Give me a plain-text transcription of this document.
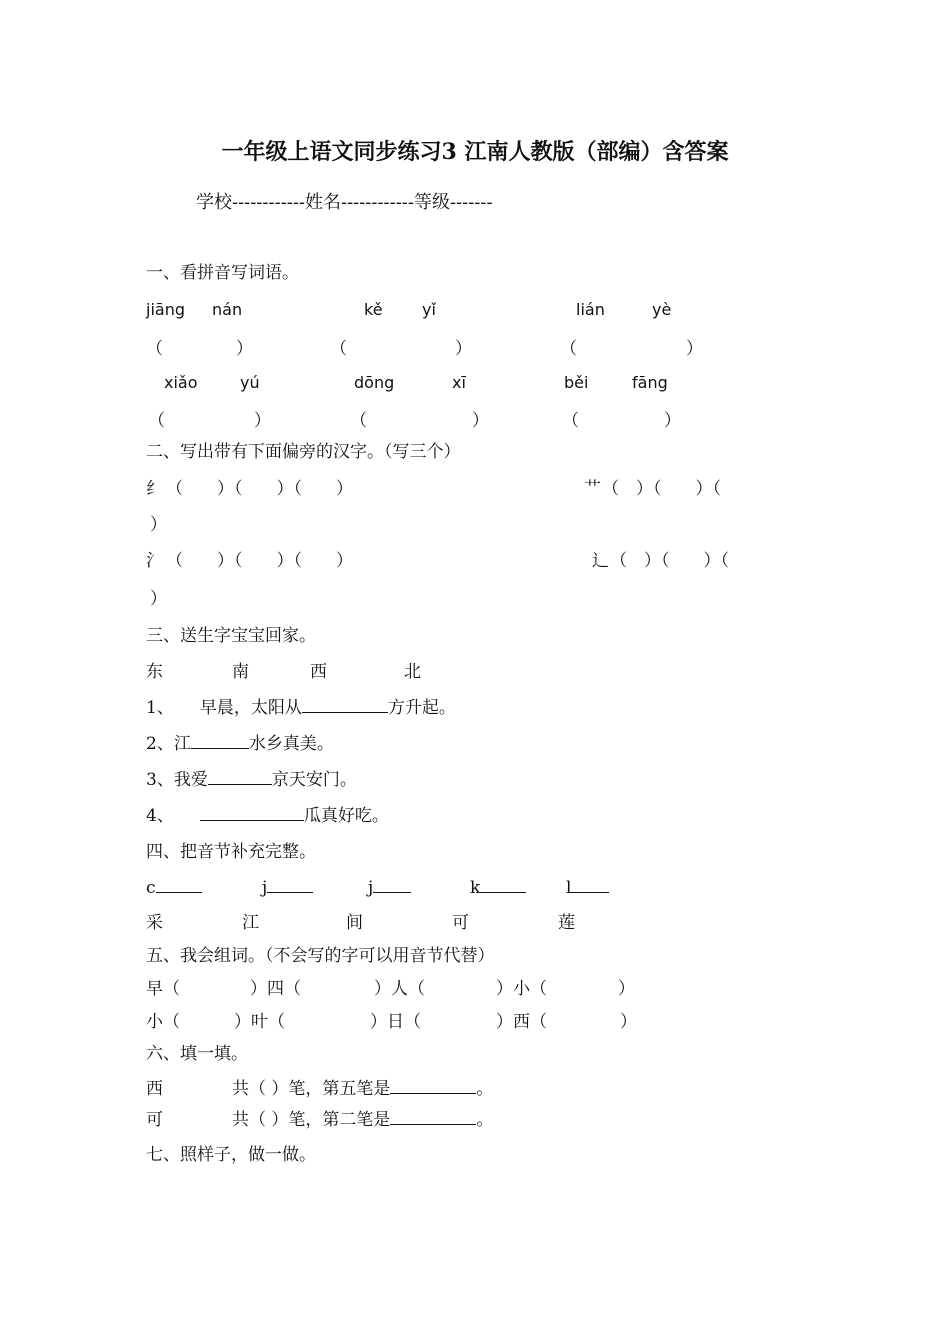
一年级上语文同步练习3 江南人教版（部编）含答案
学校------------姓名------------等级-------
一、看拼音写词语。
jiāng nán	kě yǐ	lián	yè
（	）	（	）	（	）
xiǎo	yú	dōng	xī	běi	fāng
（	）	（	）	（	）
二、写出带有下面偏旁的汉字。（写三个）
纟 （　　）（　　）（　　）	艹 （　）（　　）（
）
氵 （　　）（　　）（　　）	辶 （　）（　　）（
）
三、送生字宝宝回家。
东	南	西	北
1、 早晨，太阳从	方升起。
2、江	水乡真美。
3、我爱	京天安门。
4、	瓜真好吃。
四、把音节补充完整。
c	j	j	k	l
采	江	间	可	莲
五、我会组词。（不会写的字可以用音节代替）
早（	）四（	）人（	）小（	）
小（	）叶（	）日（	）西（	）
六、填一填。
西	共（ ）笔，第五笔是	。
可	共（ ）笔，第二笔是	。
七、照样子，做一做。
